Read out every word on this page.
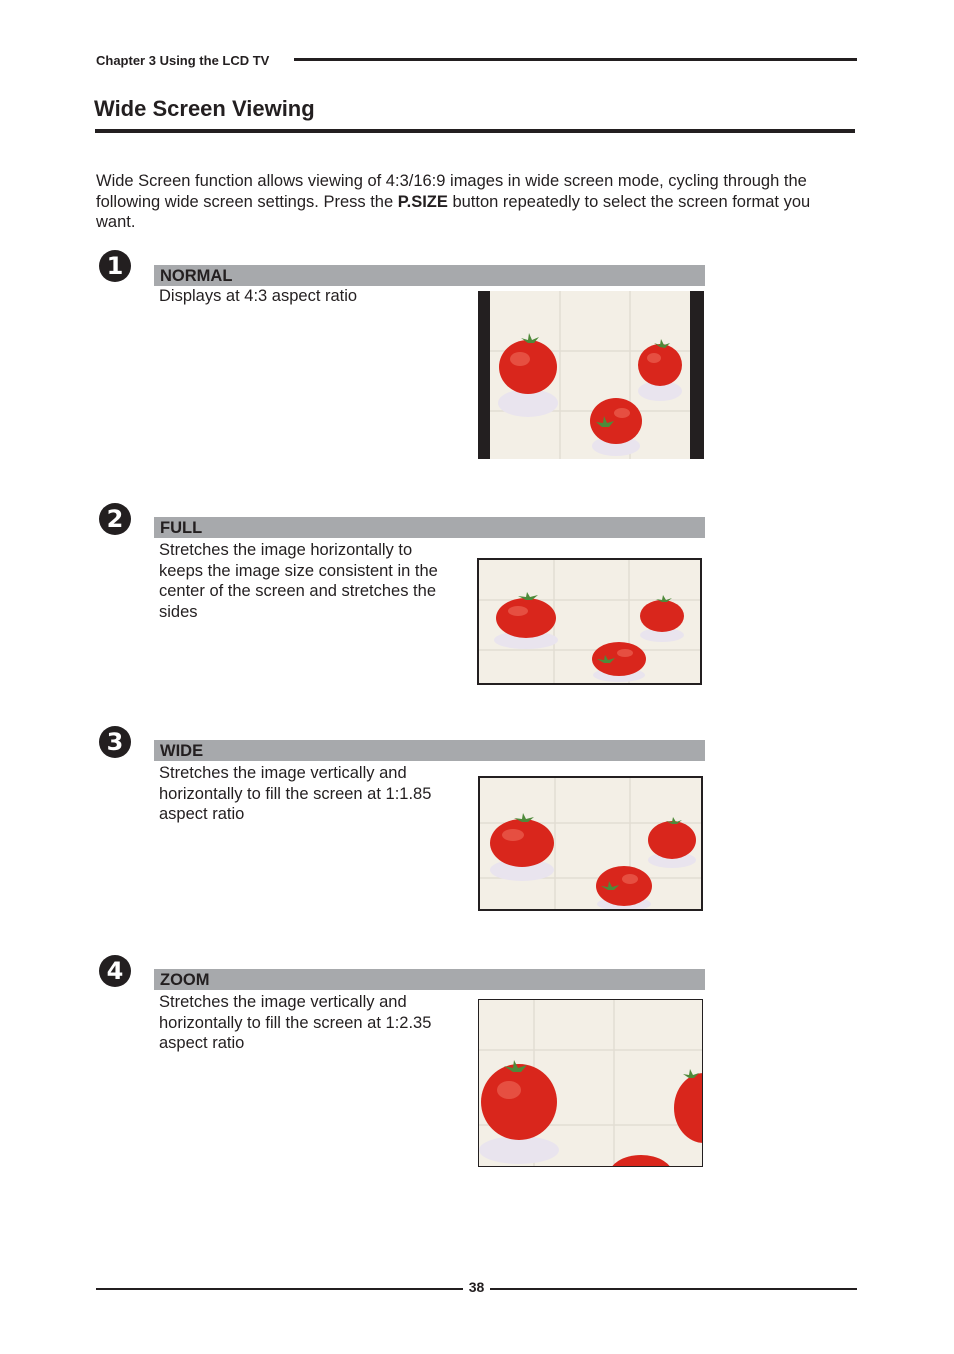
Chapter 3 Using the LCD TV
Wide Screen Viewing
Wide Screen function allows viewing of 4:3/16:9 images in wide screen mode, cycling through the following wide screen settings. Press the P.SIZE button repeatedly to select the screen format you want.
1	NORMAL
Displays at 4:3 aspect ratio
2	FULL
Stretches the image horizontally to keeps the image size consistent in the center of the screen and stretches the sides
3	WIDE
Stretches the image vertically and horizontally to fill the screen at 1:1.85 aspect ratio
4	ZOOM
Stretches the image vertically and horizontally to fill the screen at 1:2.35 aspect ratio
38
